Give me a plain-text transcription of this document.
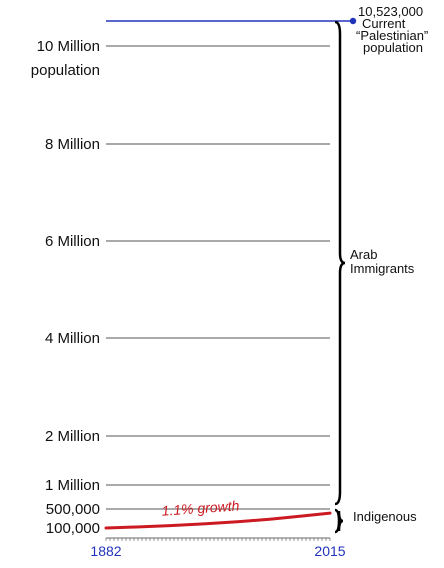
100,000
500,000
1 Million
2 Million
4 Million
6 Million
8 Million
10 Million
population
1882	2015
1.1% growth
10,523,000
Current
“Palestinian”
population
Arab
Immigrants
Indigenous
